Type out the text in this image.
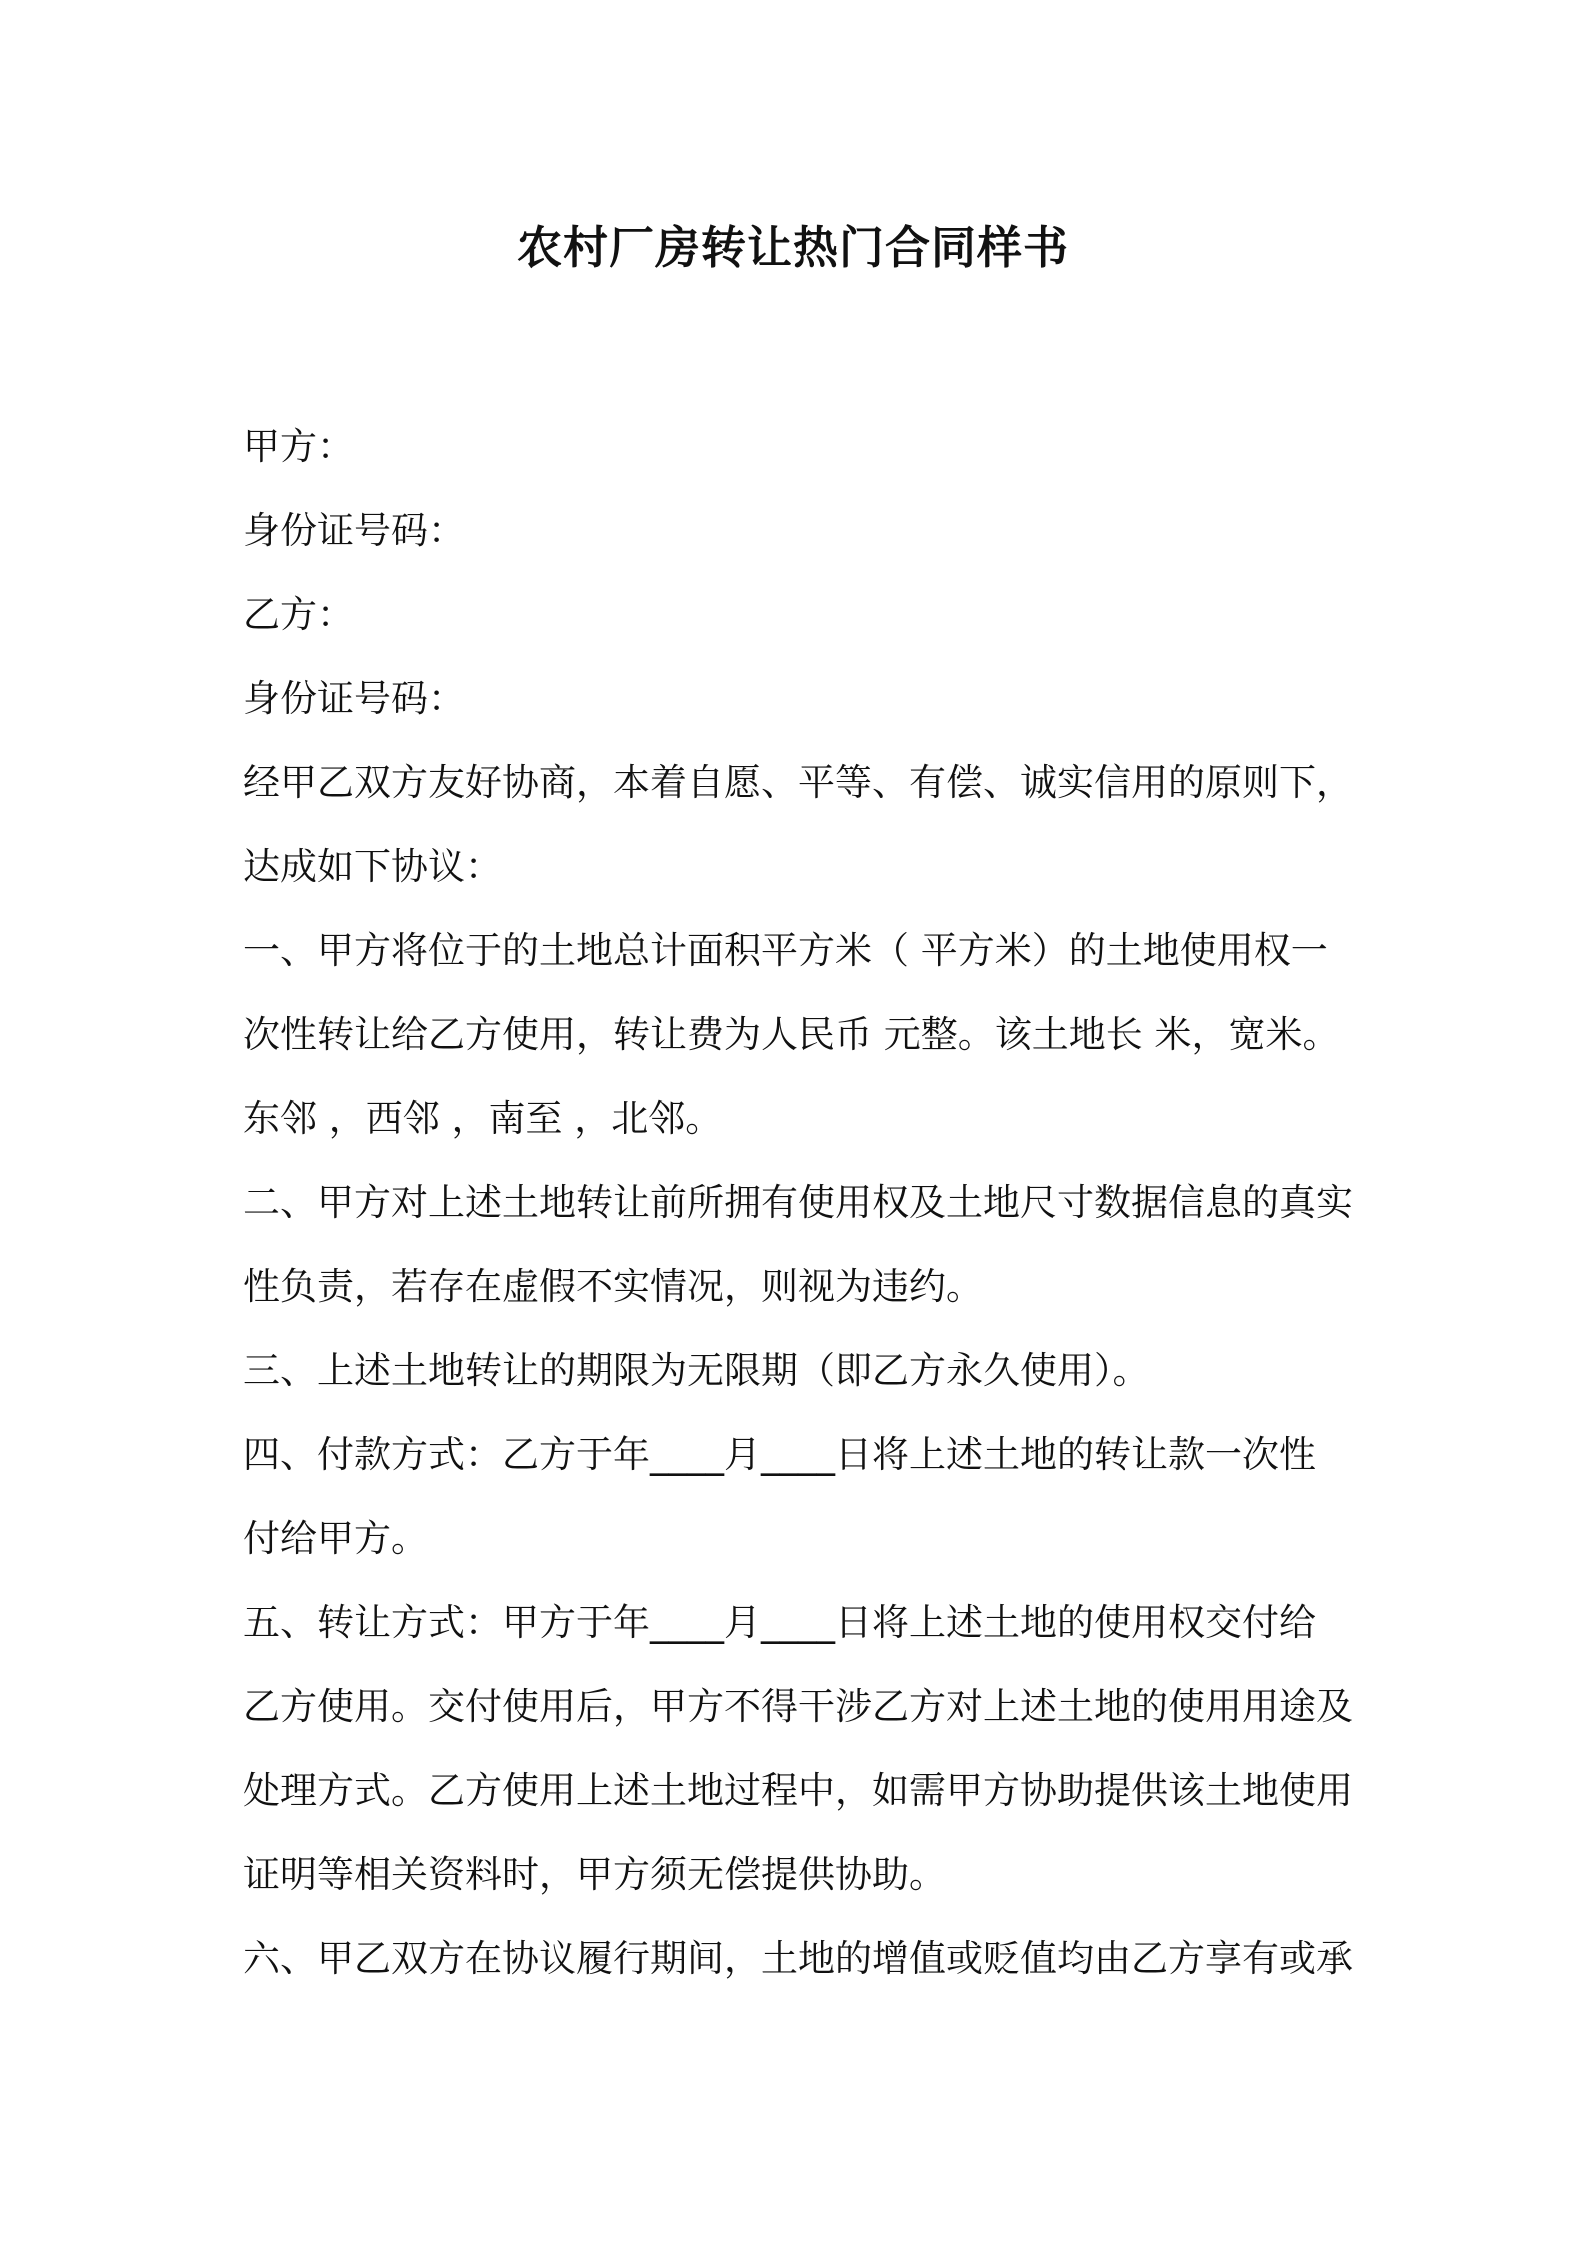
农村厂房转让热门合同样书
甲方：
身份证号码：
乙方：
身份证号码：
经甲乙双方友好协商，本着自愿、平等、有偿、诚实信用的原则下，
达成如下协议：
一、甲方将位于的土地总计面积平方米（ 平方米）的土地使用权一
次性转让给乙方使用，转让费为人民币 元整。该土地长 米，宽米。
东邻 ，西邻 ，南至 ，北邻。
二、甲方对上述土地转让前所拥有使用权及土地尺寸数据信息的真实
性负责，若存在虚假不实情况，则视为违约。
三、上述土地转让的期限为无限期（即乙方永久使用）。
四、付款方式：乙方于年____月____日将上述土地的转让款一次性
付给甲方。
五、转让方式：甲方于年____月____日将上述土地的使用权交付给
乙方使用。交付使用后，甲方不得干涉乙方对上述土地的使用用途及
处理方式。乙方使用上述土地过程中，如需甲方协助提供该土地使用
证明等相关资料时，甲方须无偿提供协助。
六、甲乙双方在协议履行期间，土地的增值或贬值均由乙方享有或承
